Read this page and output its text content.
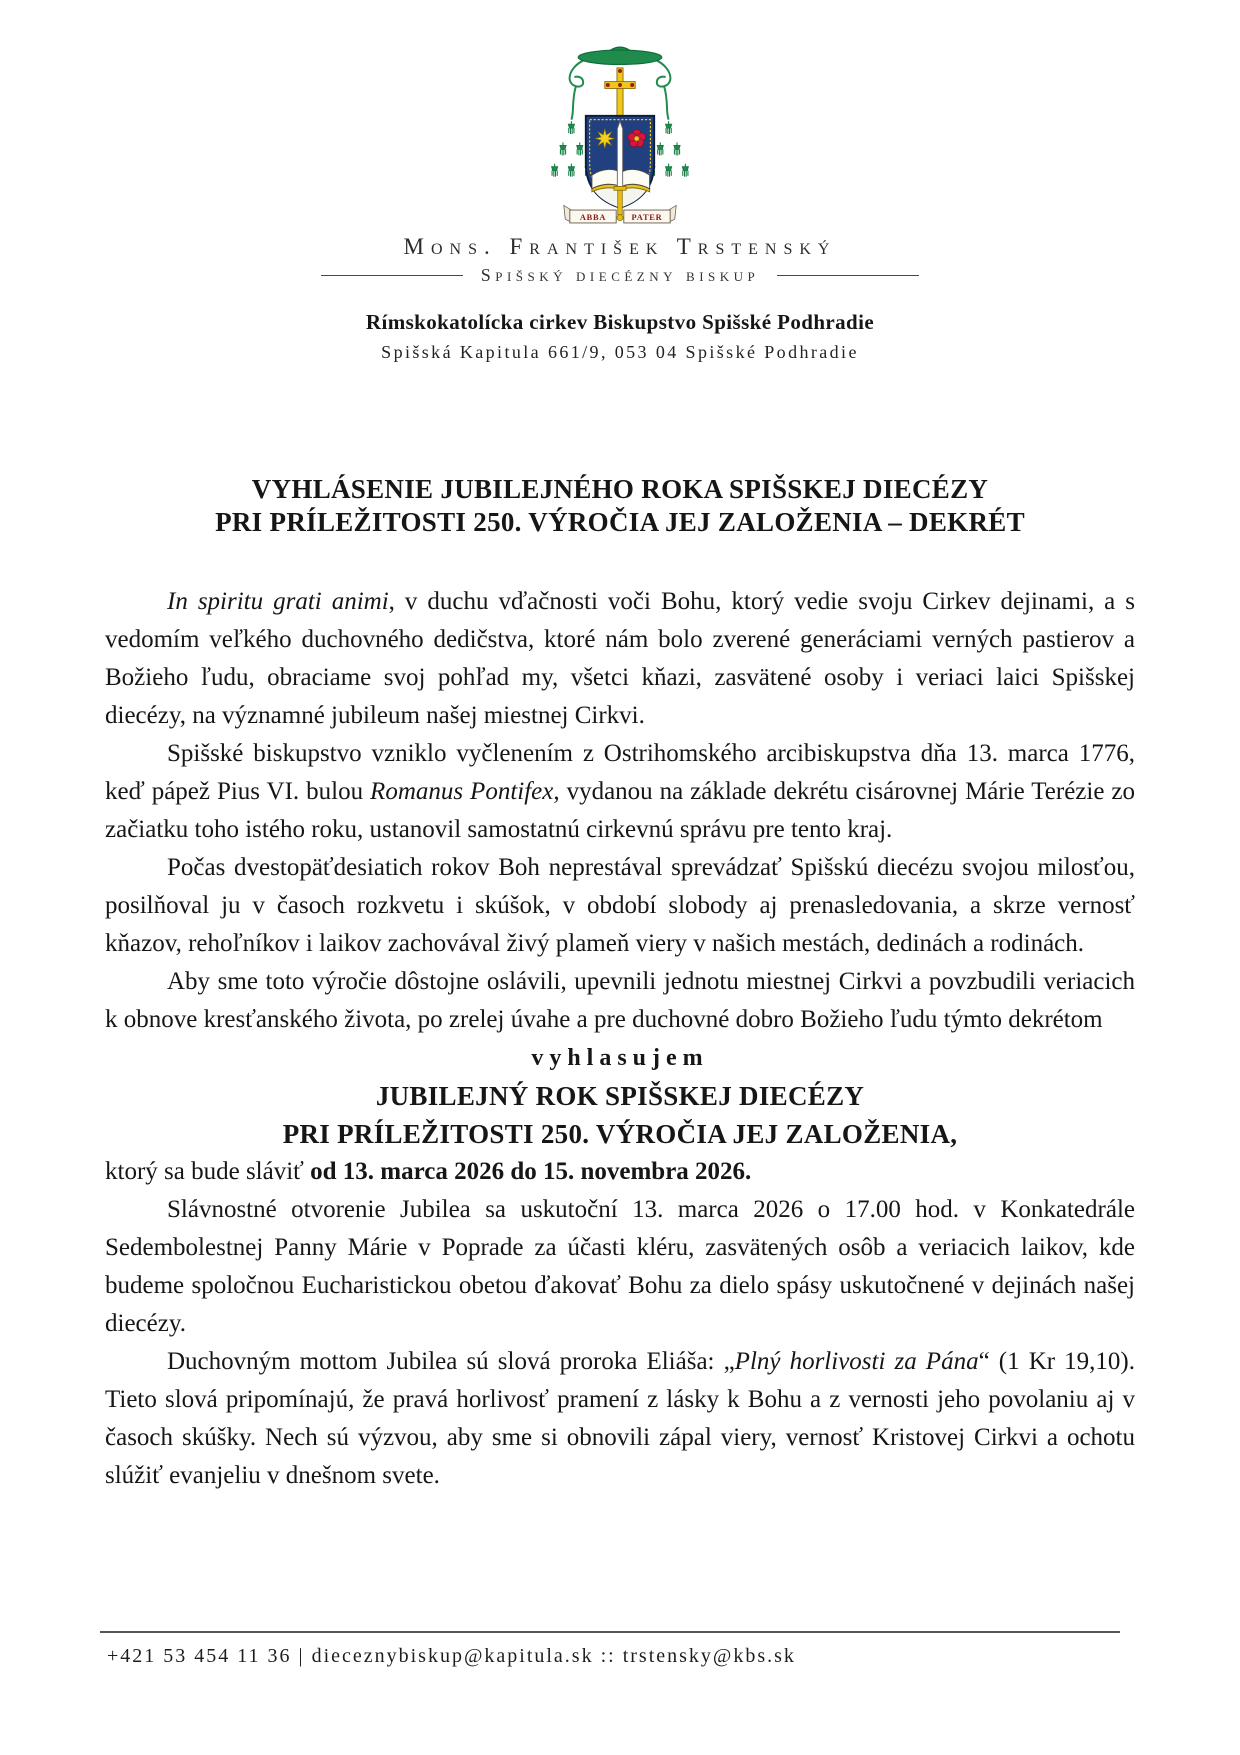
ABBA PATER
Mons. František Trstenský
Spišský diecézny biskup
Rímskokatolícka cirkev Biskupstvo Spišské Podhradie
Spišská Kapitula 661/9, 053 04 Spišské Podhradie
VYHLÁSENIE JUBILEJNÉHO ROKA SPIŠSKEJ DIECÉZY
PRI PRÍLEŽITOSTI 250. VÝROČIA JEJ ZALOŽENIA – DEKRÉT

In spiritu grati animi, v duchu vďačnosti voči Bohu, ktorý vedie svoju Cirkev dejinami, a s vedomím veľkého duchovného dedičstva, ktoré nám bolo zverené generáciami verných pastierov a Božieho ľudu, obraciame svoj pohľad my, všetci kňazi, zasvätené osoby i veriaci laici Spišskej diecézy, na významné jubileum našej miestnej Cirkvi.

Spišské biskupstvo vzniklo vyčlenením z Ostrihomského arcibiskupstva dňa 13. marca 1776, keď pápež Pius VI. bulou Romanus Pontifex, vydanou na základe dekrétu cisárovnej Márie Terézie zo začiatku toho istého roku, ustanovil samostatnú cirkevnú správu pre tento kraj.

Počas dvestopäťdesiatich rokov Boh neprestával sprevádzať Spišskú diecézu svojou milosťou, posilňoval ju v časoch rozkvetu i skúšok, v období slobody aj prenasledovania, a skrze vernosť kňazov, rehoľníkov i laikov zachovával živý plameň viery v našich mestách, dedinách a rodinách.

Aby sme toto výročie dôstojne oslávili, upevnili jednotu miestnej Cirkvi a povzbudili veriacich k obnove kresťanského života, po zrelej úvahe a pre duchovné dobro Božieho ľudu týmto dekrétom

vyhlasujem

JUBILEJNÝ ROK SPIŠSKEJ DIECÉZY

PRI PRÍLEŽITOSTI 250. VÝROČIA JEJ ZALOŽENIA,

ktorý sa bude sláviť od 13. marca 2026 do 15. novembra 2026.

Slávnostné otvorenie Jubilea sa uskutoční 13. marca 2026 o 17.00 hod. v Konkatedrále Sedembolestnej Panny Márie v Poprade za účasti kléru, zasvätených osôb a veriacich laikov, kde budeme spoločnou Eucharistickou obetou ďakovať Bohu za dielo spásy uskutočnené v dejinách našej diecézy.

Duchovným mottom Jubilea sú slová proroka Eliáša: „Plný horlivosti za Pána“ (1 Kr 19,10). Tieto slová pripomínajú, že pravá horlivosť pramení z lásky k Bohu a z vernosti jeho povolaniu aj v časoch skúšky. Nech sú výzvou, aby sme si obnovili zápal viery, vernosť Kristovej Cirkvi a ochotu slúžiť evanjeliu v dnešnom svete.

+421 53 454 11 36 | dieceznybiskup@kapitula.sk :: trstensky@kbs.sk
